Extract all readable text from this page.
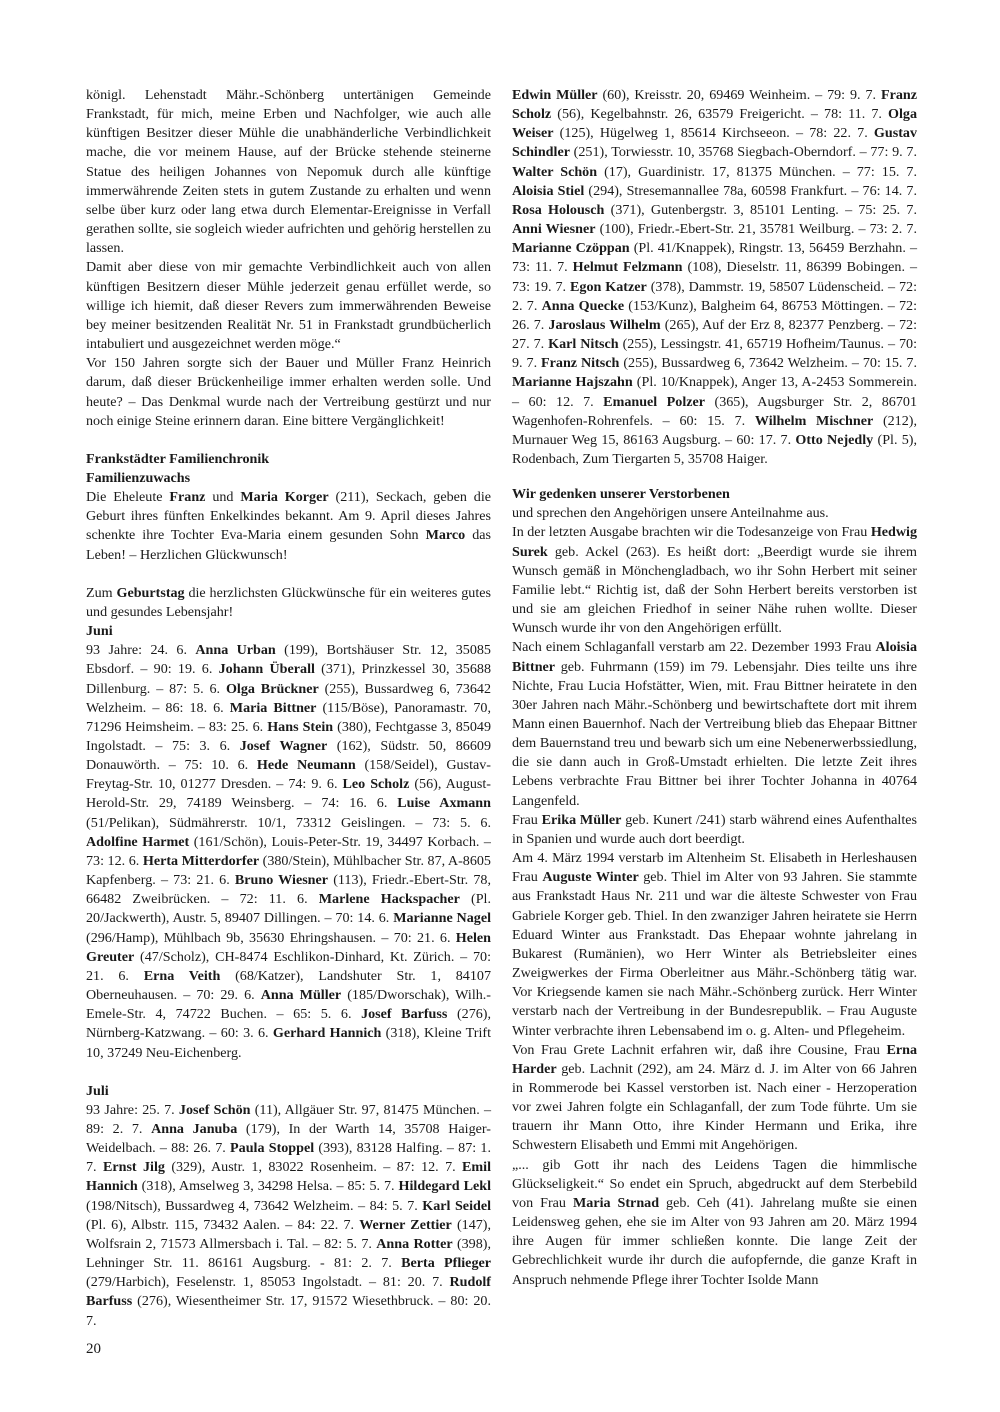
königl. Lehenstadt Mähr.-Schönberg untertänigen Gemeinde Frankstadt, für mich, meine Erben und Nachfolger, wie auch alle künftigen Besitzer dieser Mühle die unabhänderliche Verbindlichkeit mache, die vor meinem Hause, auf der Brücke stehende steinerne Statue des heiligen Johannes von Nepomuk durch alle künftige immerwährende Zeiten stets in gutem Zustande zu erhalten und wenn selbe über kurz oder lang etwa durch Elementar-Ereignisse in Verfall gerathen sollte, sie sogleich wieder aufrichten und gehörig herstellen zu lassen.

Damit aber diese von mir gemachte Verbindlichkeit auch von allen künftigen Besitzern dieser Mühle jederzeit genau erfüllet werde, so willige ich hiemit, daß dieser Revers zum immerwährenden Beweise bey meiner besitzenden Realität Nr. 51 in Frankstadt grundbücherlich intabuliert und ausgezeichnet werden möge.“

Vor 150 Jahren sorgte sich der Bauer und Müller Franz Heinrich darum, daß dieser Brückenheilige immer erhalten werden solle. Und heute? – Das Denkmal wurde nach der Vertreibung gestürzt und nur noch einige Steine erinnern daran. Eine bittere Vergänglichkeit!

Frankstädter Familienchronik

Familienzuwachs

Die Eheleute Franz und Maria Korger (211), Seckach, geben die Geburt ihres fünften Enkelkindes bekannt. Am 9. April dieses Jahres schenkte ihre Tochter Eva-Maria einem gesunden Sohn Marco das Leben! – Herzlichen Glückwunsch!

Zum Geburtstag die herzlichsten Glückwünsche für ein weiteres gutes und gesundes Lebensjahr!

Juni

93 Jahre: 24. 6. Anna Urban (199), Bortshäuser Str. 12, 35085 Ebsdorf. – 90: 19. 6. Johann Überall (371), Prinzkessel 30, 35688 Dillenburg. – 87: 5. 6. Olga Brückner (255), Bussardweg 6, 73642 Welzheim. – 86: 18. 6. Maria Bittner (115/Böse), Panoramastr. 70, 71296 Heimsheim. – 83: 25. 6. Hans Stein (380), Fechtgasse 3, 85049 Ingolstadt. – 75: 3. 6. Josef Wagner (162), Südstr. 50, 86609 Donauwörth. – 75: 10. 6. Hede Neumann (158/Seidel), Gustav-Freytag-Str. 10, 01277 Dresden. – 74: 9. 6. Leo Scholz (56), August-Herold-Str. 29, 74189 Weinsberg. – 74: 16. 6. Luise Axmann (51/Pelikan), Südmährerstr. 10/1, 73312 Geislingen. – 73: 5. 6. Adolfine Harmet (161/Schön), Louis-Peter-Str. 19, 34497 Korbach. – 73: 12. 6. Herta Mitterdorfer (380/Stein), Mühlbacher Str. 87, A-8605 Kapfenberg. – 73: 21. 6. Bruno Wiesner (113), Friedr.-Ebert-Str. 78, 66482 Zweibrücken. – 72: 11. 6. Marlene Hackspacher (Pl. 20/Jackwerth), Austr. 5, 89407 Dillingen. – 70: 14. 6. Marianne Nagel (296/Hamp), Mühlbach 9b, 35630 Ehringshausen. – 70: 21. 6. Helen Greuter (47/Scholz), CH-8474 Eschlikon-Dinhard, Kt. Zürich. – 70: 21. 6. Erna Veith (68/Katzer), Landshuter Str. 1, 84107 Oberneuhausen. – 70: 29. 6. Anna Müller (185/Dworschak), Wilh.-Emele-Str. 4, 74722 Buchen. – 65: 5. 6. Josef Barfuss (276), Nürnberg-Katzwang. – 60: 3. 6. Gerhard Hannich (318), Kleine Trift 10, 37249 Neu-Eichenberg.

Juli

93 Jahre: 25. 7. Josef Schön (11), Allgäuer Str. 97, 81475 München. – 89: 2. 7. Anna Januba (179), In der Warth 14, 35708 Haiger-Weidelbach. – 88: 26. 7. Paula Stoppel (393), 83128 Halfing. – 87: 1. 7. Ernst Jilg (329), Austr. 1, 83022 Rosenheim. – 87: 12. 7. Emil Hannich (318), Amselweg 3, 34298 Helsa. – 85: 5. 7. Hildegard Lekl (198/Nitsch), Bussardweg 4, 73642 Welzheim. – 84: 5. 7. Karl Seidel (Pl. 6), Albstr. 115, 73432 Aalen. – 84: 22. 7. Werner Zettier (147), Wolfsrain 2, 71573 Allmersbach i. Tal. – 82: 5. 7. Anna Rotter (398), Lehninger Str. 11. 86161 Augsburg. - 81: 2. 7. Berta Pflieger (279/Harbich), Feselenstr. 1, 85053 Ingolstadt. – 81: 20. 7. Rudolf Barfuss (276), Wiesentheimer Str. 17, 91572 Wiesethbruck. – 80: 20. 7.

Edwin Müller (60), Kreisstr. 20, 69469 Weinheim. – 79: 9. 7. Franz Scholz (56), Kegelbahnstr. 26, 63579 Freigericht. – 78: 11. 7. Olga Weiser (125), Hügelweg 1, 85614 Kirchseeon. – 78: 22. 7. Gustav Schindler (251), Torwiesstr. 10, 35768 Siegbach-Oberndorf. – 77: 9. 7. Walter Schön (17), Guardinistr. 17, 81375 München. – 77: 15. 7. Aloisia Stiel (294), Stresemannallee 78a, 60598 Frankfurt. – 76: 14. 7. Rosa Holousch (371), Gutenbergstr. 3, 85101 Lenting. – 75: 25. 7. Anni Wiesner (100), Friedr.-Ebert-Str. 21, 35781 Weilburg. – 73: 2. 7. Marianne Czöppan (Pl. 41/Knappek), Ringstr. 13, 56459 Berzhahn. – 73: 11. 7. Helmut Felzmann (108), Dieselstr. 11, 86399 Bobingen. – 73: 19. 7. Egon Katzer (378), Dammstr. 19, 58507 Lüdenscheid. – 72: 2. 7. Anna Quecke (153/Kunz), Balgheim 64, 86753 Möttingen. – 72: 26. 7. Jaroslaus Wilhelm (265), Auf der Erz 8, 82377 Penzberg. – 72: 27. 7. Karl Nitsch (255), Lessingstr. 41, 65719 Hofheim/Taunus. – 70: 9. 7. Franz Nitsch (255), Bussardweg 6, 73642 Welzheim. – 70: 15. 7. Marianne Hajszahn (Pl. 10/Knappek), Anger 13, A-2453 Sommerein. – 60: 12. 7. Emanuel Polzer (365), Augsburger Str. 2, 86701 Wagenhofen-Rohrenfels. – 60: 15. 7. Wilhelm Mischner (212), Murnauer Weg 15, 86163 Augsburg. – 60: 17. 7. Otto Nejedly (Pl. 5), Rodenbach, Zum Tiergarten 5, 35708 Haiger.

Wir gedenken unserer Verstorbenen

und sprechen den Angehörigen unsere Anteilnahme aus.

In der letzten Ausgabe brachten wir die Todesanzeige von Frau Hedwig Surek geb. Ackel (263). Es heißt dort: „Beerdigt wurde sie ihrem Wunsch gemäß in Mönchengladbach, wo ihr Sohn Herbert mit seiner Familie lebt.“ Richtig ist, daß der Sohn Herbert bereits verstorben ist und sie am gleichen Friedhof in seiner Nähe ruhen wollte. Dieser Wunsch wurde ihr von den Angehörigen erfüllt.

Nach einem Schlaganfall verstarb am 22. Dezember 1993 Frau Aloisia Bittner geb. Fuhrmann (159) im 79. Lebensjahr. Dies teilte uns ihre Nichte, Frau Lucia Hofstätter, Wien, mit. Frau Bittner heiratete in den 30er Jahren nach Mähr.-Schönberg und bewirtschaftete dort mit ihrem Mann einen Bauernhof. Nach der Vertreibung blieb das Ehepaar Bittner dem Bauernstand treu und bewarb sich um eine Nebenerwerbssiedlung, die sie dann auch in Groß-Umstadt erhielten. Die letzte Zeit ihres Lebens verbrachte Frau Bittner bei ihrer Tochter Johanna in 40764 Langenfeld.

Frau Erika Müller geb. Kunert /241) starb während eines Aufenthaltes in Spanien und wurde auch dort beerdigt.

Am 4. März 1994 verstarb im Altenheim St. Elisabeth in Herleshausen Frau Auguste Winter geb. Thiel im Alter von 93 Jahren. Sie stammte aus Frankstadt Haus Nr. 211 und war die älteste Schwester von Frau Gabriele Korger geb. Thiel. In den zwanziger Jahren heiratete sie Herrn Eduard Winter aus Frankstadt. Das Ehepaar wohnte jahrelang in Bukarest (Rumänien), wo Herr Winter als Betriebsleiter eines Zweigwerkes der Firma Oberleitner aus Mähr.-Schönberg tätig war. Vor Kriegsende kamen sie nach Mähr.-Schönberg zurück. Herr Winter verstarb nach der Vertreibung in der Bundesrepublik. – Frau Auguste Winter verbrachte ihren Lebensabend im o. g. Alten- und Pflegeheim.

Von Frau Grete Lachnit erfahren wir, daß ihre Cousine, Frau Erna Harder geb. Lachnit (292), am 24. März d. J. im Alter von 66 Jahren in Rommerode bei Kassel verstorben ist. Nach einer - Herzoperation vor zwei Jahren folgte ein Schlaganfall, der zum Tode führte. Um sie trauern ihr Mann Otto, ihre Kinder Hermann und Erika, ihre Schwestern Elisabeth und Emmi mit Angehörigen.

„... gib Gott ihr nach des Leidens Tagen die himmlische Glückseligkeit.“ So endet ein Spruch, abgedruckt auf dem Sterbebild von Frau Maria Strnad geb. Ceh (41). Jahrelang mußte sie einen Leidensweg gehen, ehe sie im Alter von 93 Jahren am 20. März 1994 ihre Augen für immer schließen konnte. Die lange Zeit der Gebrechlichkeit wurde ihr durch die aufopfernde, die ganze Kraft in Anspruch nehmende Pflege ihrer Tochter Isolde Mann

20
